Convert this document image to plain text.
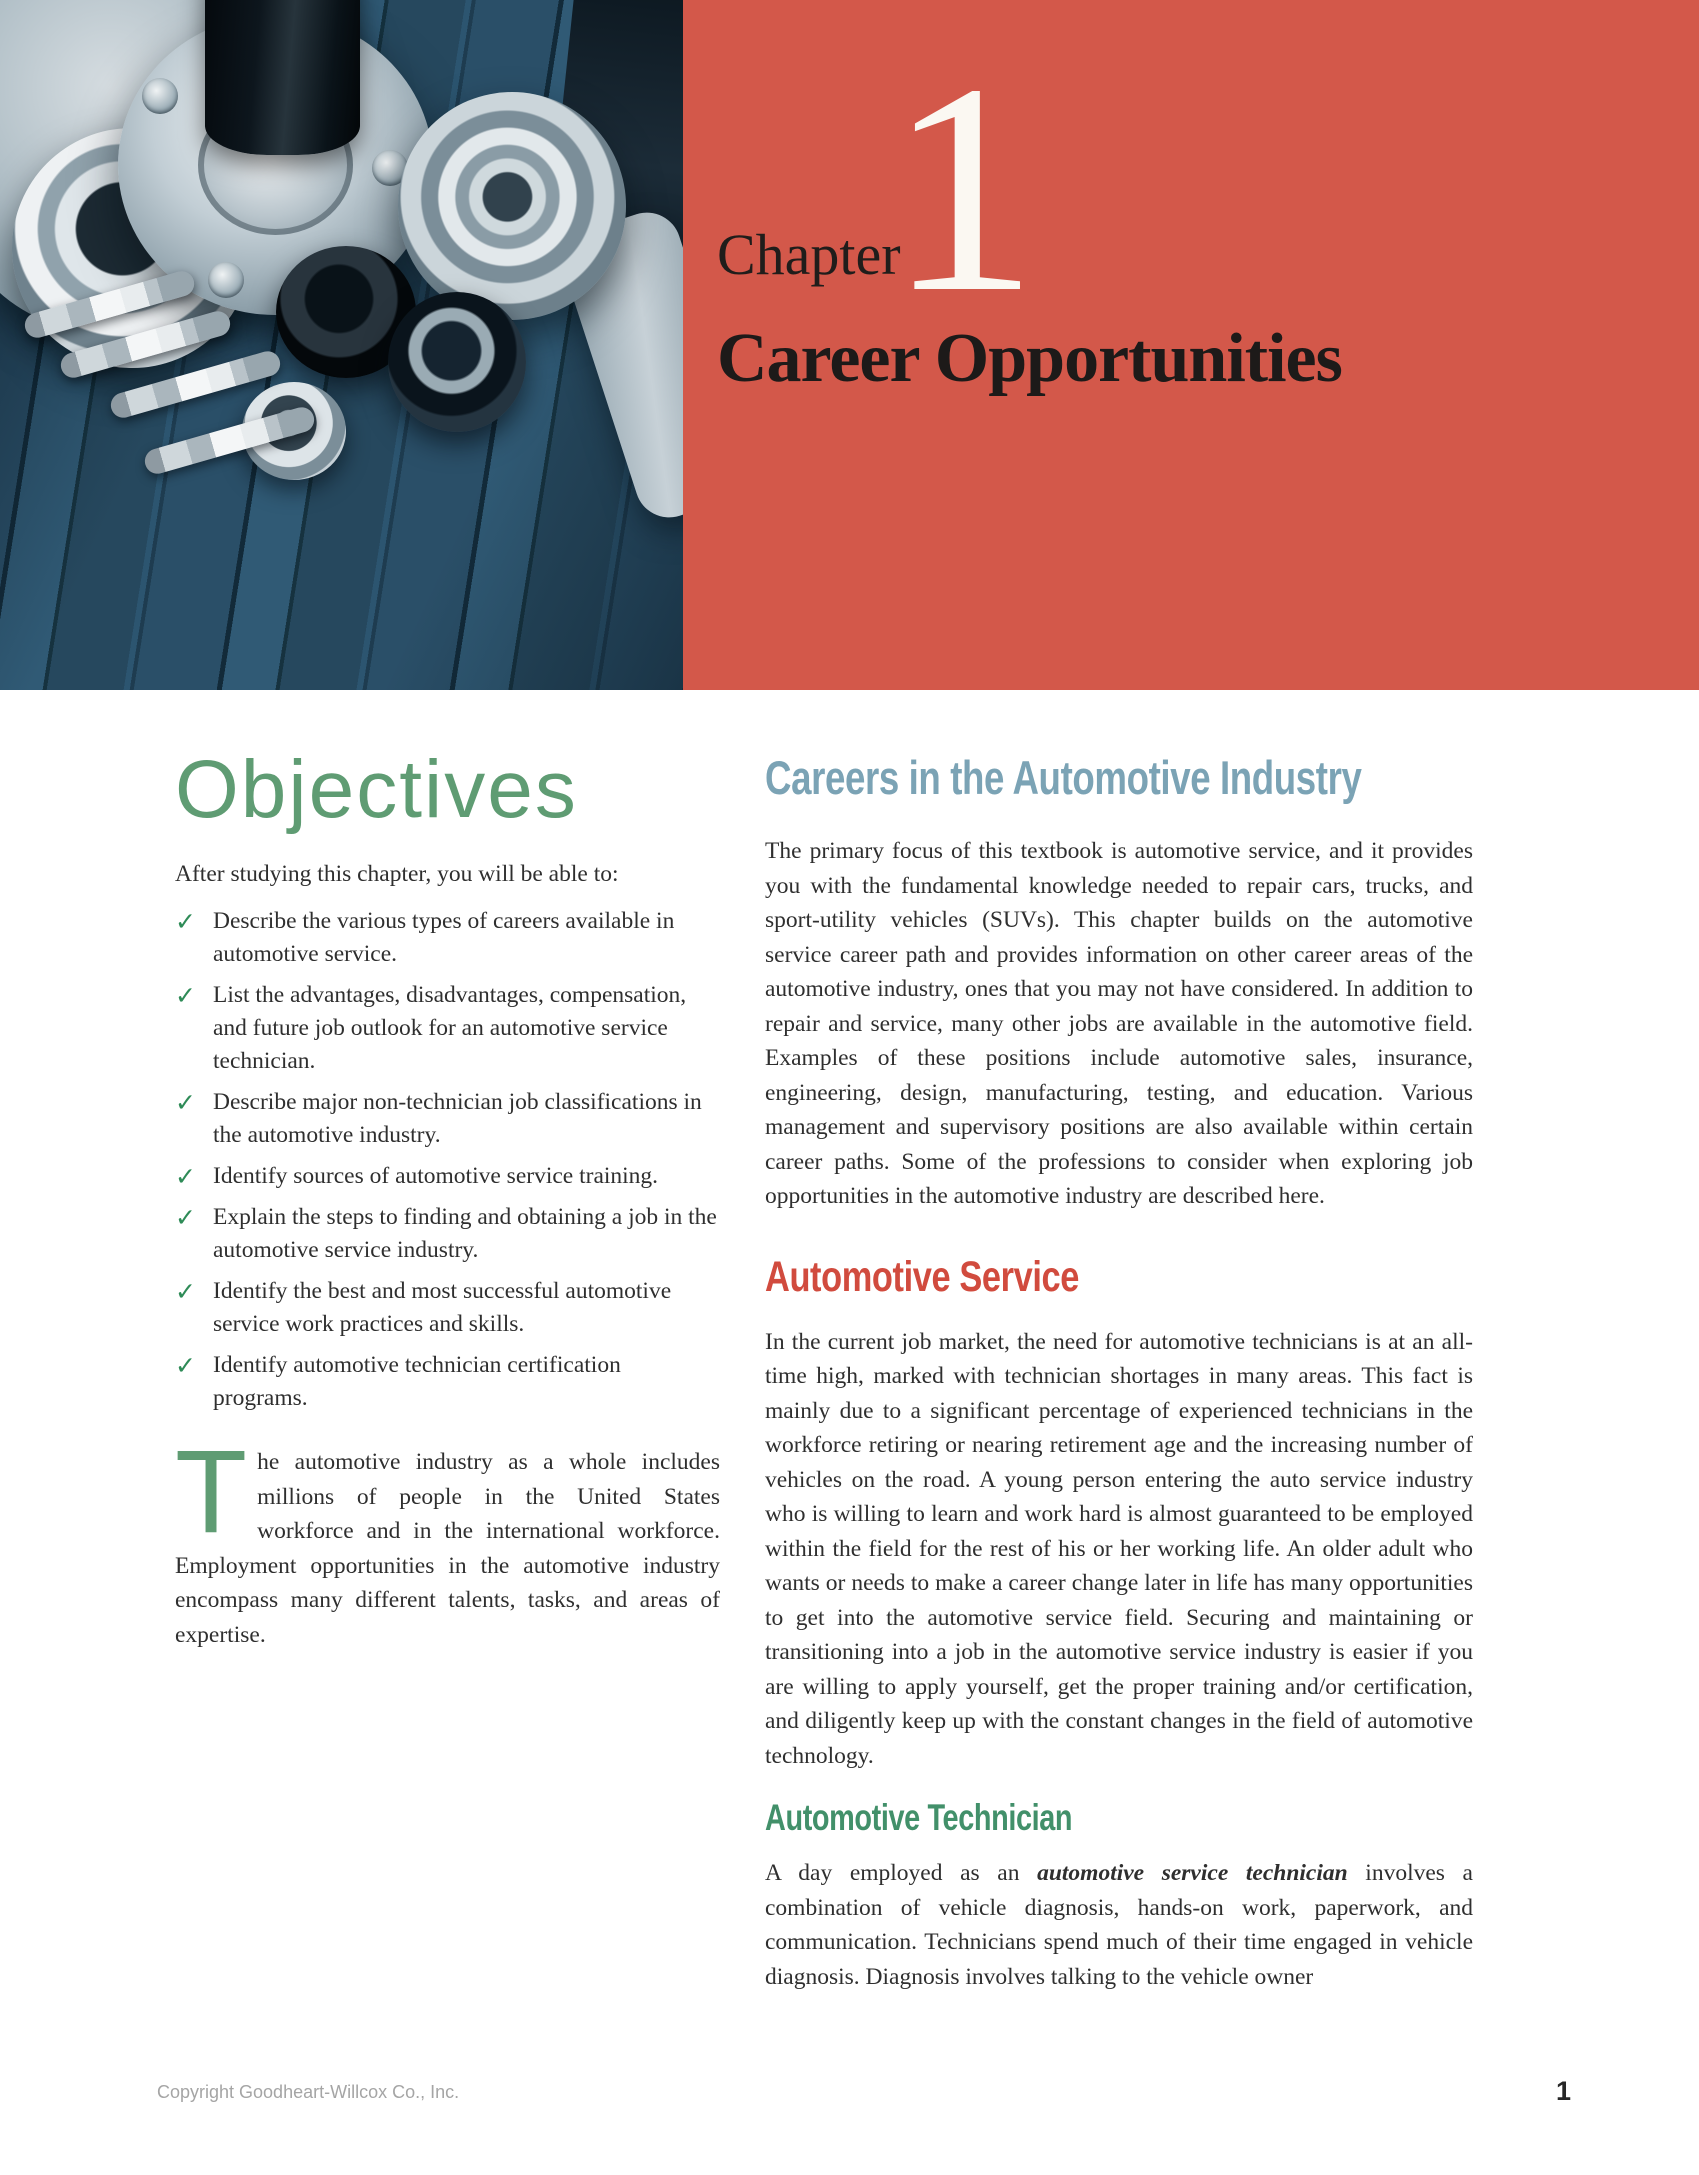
Chapter
1
Career Opportunities
Objectives

After studying this chapter, you will be able to:

✓ Describe the various types of careers available in automotive service.
✓ List the advantages, disadvantages, compensation, and future job outlook for an automotive service technician.
✓ Describe major non-technician job classifications in the automotive industry.
✓ Identify sources of automotive service training.
✓ Explain the steps to finding and obtaining a job in the automotive service industry.
✓ Identify the best and most successful automotive service work practices and skills.
✓ Identify automotive technician certification programs.

The automotive industry as a whole includes millions of people in the United States workforce and in the international workforce. Employment opportunities in the automotive industry encompass many different talents, tasks, and areas of expertise.

Careers in the Automotive Industry

The primary focus of this textbook is automotive service, and it provides you with the fundamental knowledge needed to repair cars, trucks, and sport-utility vehicles (SUVs). This chapter builds on the automotive service career path and provides information on other career areas of the automotive industry, ones that you may not have considered. In addition to repair and service, many other jobs are available in the automotive field. Examples of these positions include automotive sales, insurance, engineering, design, manufacturing, testing, and education. Various management and supervisory positions are also available within certain career paths. Some of the professions to consider when exploring job opportunities in the automotive industry are described here.

Automotive Service

In the current job market, the need for automotive technicians is at an all-time high, marked with technician shortages in many areas. This fact is mainly due to a significant percentage of experienced technicians in the workforce retiring or nearing retirement age and the increasing number of vehicles on the road. A young person entering the auto service industry who is willing to learn and work hard is almost guaranteed to be employed within the field for the rest of his or her working life. An older adult who wants or needs to make a career change later in life has many opportunities to get into the automotive service field. Securing and maintaining or transitioning into a job in the automotive service industry is easier if you are willing to apply yourself, get the proper training and/or certification, and diligently keep up with the constant changes in the field of automotive technology.

Automotive Technician

A day employed as an automotive service technician involves a combination of vehicle diagnosis, hands-on work, paperwork, and communication. Technicians spend much of their time engaged in vehicle diagnosis. Diagnosis involves talking to the vehicle owner

Copyright Goodheart-Willcox Co., Inc.	1
